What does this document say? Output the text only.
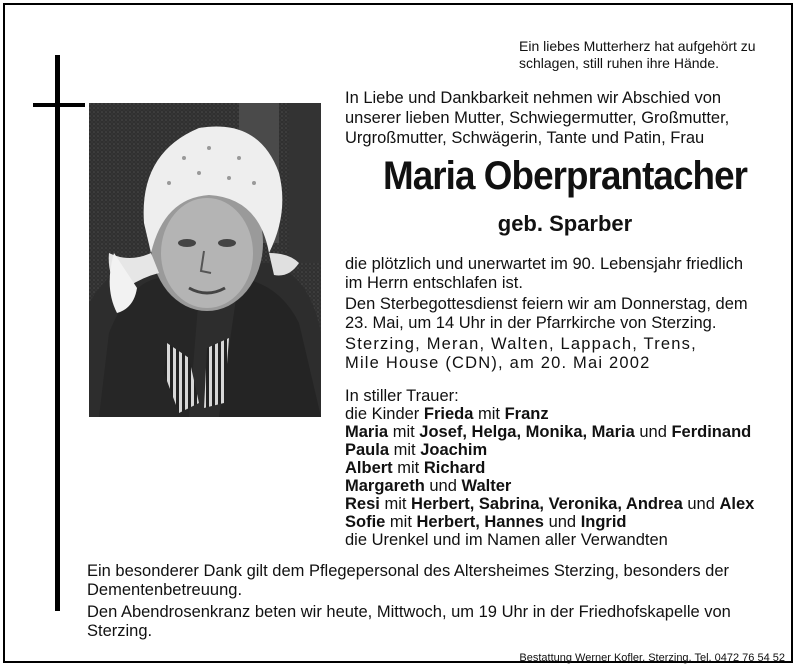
Ein liebes Mutterherz hat aufgehört zu
schlagen, still ruhen ihre Hände.
In Liebe und Dankbarkeit nehmen wir Abschied von
unserer lieben Mutter, Schwiegermutter, Großmutter,
Urgroßmutter, Schwägerin, Tante und Patin, Frau
Maria Oberprantacher
geb. Sparber
die plötzlich und unerwartet im 90. Lebensjahr friedlich
im Herrn entschlafen ist.
Den Sterbegottesdienst feiern wir am Donnerstag, dem
23. Mai, um 14 Uhr in der Pfarrkirche von Sterzing.
Sterzing, Meran, Walten, Lappach, Trens,
Mile House (CDN), am 20. Mai 2002
In stiller Trauer:
die Kinder Frieda mit Franz
Maria mit Josef, Helga, Monika, Maria und Ferdinand
Paula mit Joachim
Albert mit Richard
Margareth und Walter
Resi mit Herbert, Sabrina, Veronika, Andrea und Alex
Sofie mit Herbert, Hannes und Ingrid
die Urenkel und im Namen aller Verwandten
Ein besonderer Dank gilt dem Pflegepersonal des Altersheimes Sterzing, besonders der
Dementenbetreuung.
Den Abendrosenkranz beten wir heute, Mittwoch, um 19 Uhr in der Friedhofskapelle von
Sterzing.
Bestattung Werner Kofler, Sterzing, Tel. 0472 76 54 52
